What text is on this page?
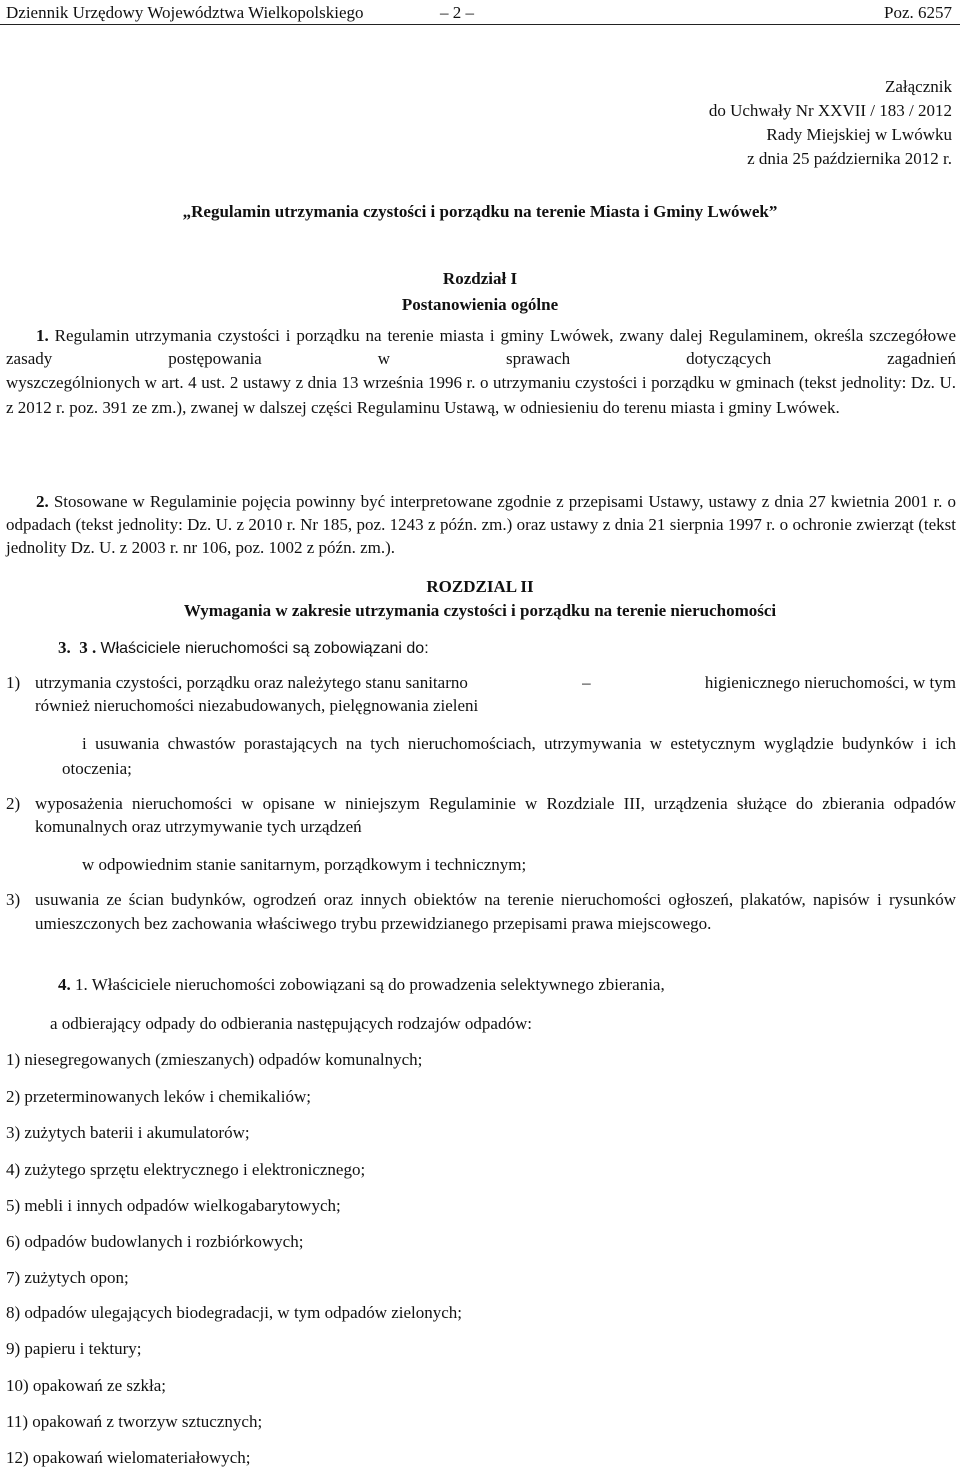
Dziennik Urzędowy Województwa Wielkopolskiego	– 2 –	Poz. 6257
Załącznik
do Uchwały Nr XXVII / 183 / 2012
Rady Miejskiej w Lwówku
z dnia 25 października 2012 r.
„Regulamin utrzymania czystości i porządku na terenie Miasta i Gminy Lwówek”
Rozdział I
Postanowienia ogólne
1. Regulamin utrzymania czystości i porządku na terenie miasta i gminy Lwówek, zwany dalej Regulaminem, określa szczegółowe zasady postępowania w sprawach dotyczących zagadnień
wyszczególnionych w art. 4 ust. 2 ustawy z dnia 13 września 1996 r. o utrzymaniu czystości i porządku w gminach (tekst jednolity: Dz. U. z 2012 r. poz. 391 ze zm.), zwanej w dalszej części Regulaminu Ustawą, w odniesieniu do terenu miasta i gminy Lwówek.
2. Stosowane w Regulaminie pojęcia powinny być interpretowane zgodnie z przepisami Ustawy, ustawy z dnia 27 kwietnia 2001 r. o odpadach (tekst jednolity: Dz. U. z 2010 r. Nr 185, poz. 1243 z późn. zm.) oraz ustawy z dnia 21 sierpnia 1997 r. o ochronie zwierząt (tekst jednolity Dz. U. z 2003 r. nr 106, poz. 1002 z późn. zm.).
ROZDZIAL II
Wymagania w zakresie utrzymania czystości i porządku na terenie nieruchomości
3. 3 . Właściciele nieruchomości są zobowiązani do:
1) utrzymania czystości, porządku oraz należytego stanu sanitarno	–	higienicznego nieruchomości, w tym
również nieruchomości niezabudowanych, pielęgnowania zieleni
i usuwania chwastów porastających na tych nieruchomościach, utrzymywania w estetycznym wyglądzie budynków i ich otoczenia;
2) wyposażenia nieruchomości w opisane w niniejszym Regulaminie w Rozdziale III, urządzenia służące do zbierania odpadów komunalnych oraz utrzymywanie tych urządzeń
w odpowiednim stanie sanitarnym, porządkowym i technicznym;
3) usuwania ze ścian budynków, ogrodzeń oraz innych obiektów na terenie nieruchomości ogłoszeń, plakatów, napisów i rysunków umieszczonych bez zachowania właściwego trybu przewidzianego przepisami prawa miejscowego.
4. 1. Właściciele nieruchomości zobowiązani są do prowadzenia selektywnego zbierania,
a odbierający odpady do odbierania następujących rodzajów odpadów:
1) niesegregowanych (zmieszanych) odpadów komunalnych;
2) przeterminowanych leków i chemikaliów;
3) zużytych baterii i akumulatorów;
4) zużytego sprzętu elektrycznego i elektronicznego;
5) mebli i innych odpadów wielkogabarytowych;
6) odpadów budowlanych i rozbiórkowych;
7) zużytych opon;
8) odpadów ulegających biodegradacji, w tym odpadów zielonych;
9) papieru i tektury;
10) opakowań ze szkła;
11) opakowań z tworzyw sztucznych;
12) opakowań wielomateriałowych;
